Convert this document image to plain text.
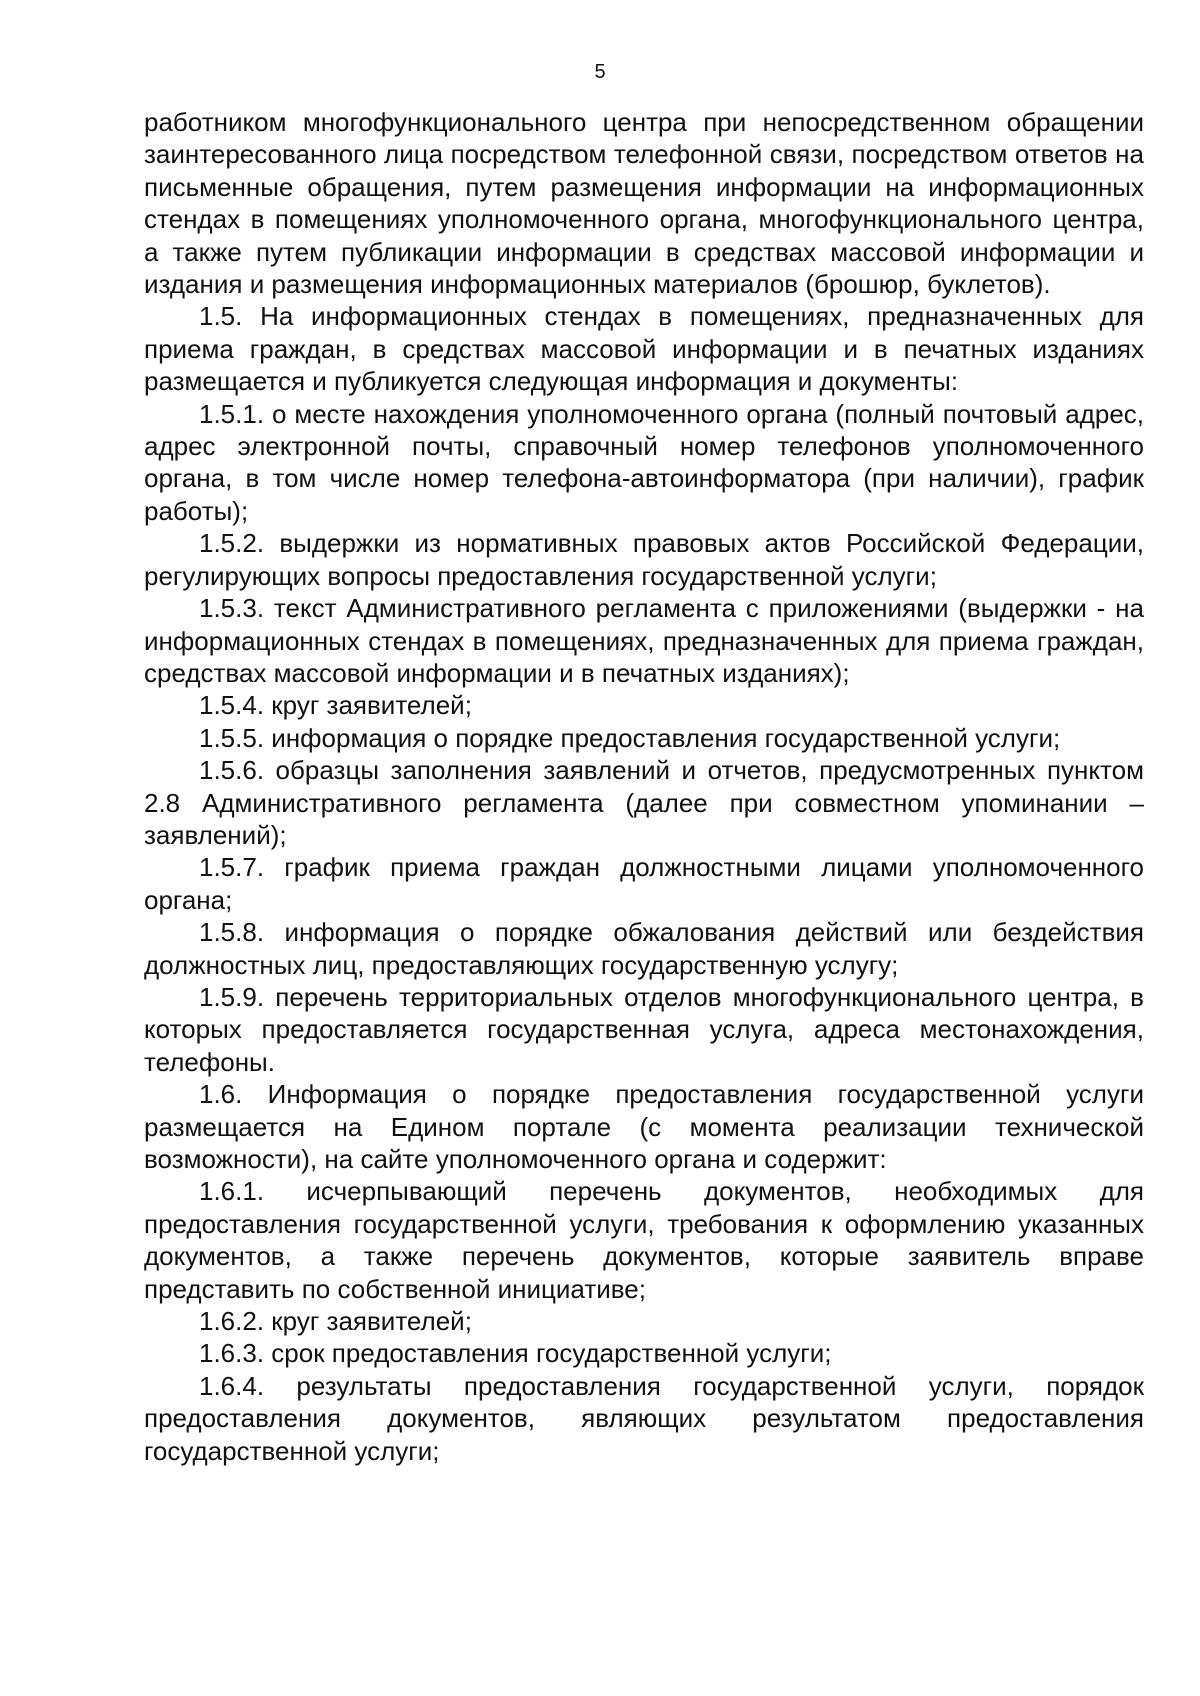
5

работником многофункционального центра при непосредственном обращении заинтересованного лица посредством телефонной связи, посредством ответов на письменные обращения, путем размещения информации на информационных стендах в помещениях уполномоченного органа, многофункционального центра, а также путем публикации информации в средствах массовой информации и издания и размещения информационных материалов (брошюр, буклетов).

1.5. На информационных стендах в помещениях, предназначенных для приема граждан, в средствах массовой информации и в печатных изданиях размещается и публикуется следующая информация и документы:

1.5.1. о месте нахождения уполномоченного органа (полный почтовый адрес, адрес электронной почты, справочный номер телефонов уполномоченного органа, в том числе номер телефона-автоинформатора (при наличии), график работы);

1.5.2. выдержки из нормативных правовых актов Российской Федерации, регулирующих вопросы предоставления государственной услуги;

1.5.3. текст Административного регламента с приложениями (выдержки - на информационных стендах в помещениях, предназначенных для приема граждан, средствах массовой информации и в печатных изданиях);

1.5.4. круг заявителей;

1.5.5. информация о порядке предоставления государственной услуги;

1.5.6. образцы заполнения заявлений и отчетов, предусмотренных пунктом 2.8 Административного регламента (далее при совместном упоминании – заявлений);

1.5.7. график приема граждан должностными лицами уполномоченного органа;

1.5.8. информация о порядке обжалования действий или бездействия должностных лиц, предоставляющих государственную услугу;

1.5.9. перечень территориальных отделов многофункционального центра, в которых предоставляется государственная услуга, адреса местонахождения, телефоны.

1.6. Информация о порядке предоставления государственной услуги размещается на Едином портале (с момента реализации технической возможности), на сайте уполномоченного органа и содержит:

1.6.1. исчерпывающий перечень документов, необходимых для предоставления государственной услуги, требования к оформлению указанных документов, а также перечень документов, которые заявитель вправе представить по собственной инициативе;

1.6.2. круг заявителей;

1.6.3. срок предоставления государственной услуги;

1.6.4. результаты предоставления государственной услуги, порядок предоставления документов, являющих результатом предоставления государственной услуги;
